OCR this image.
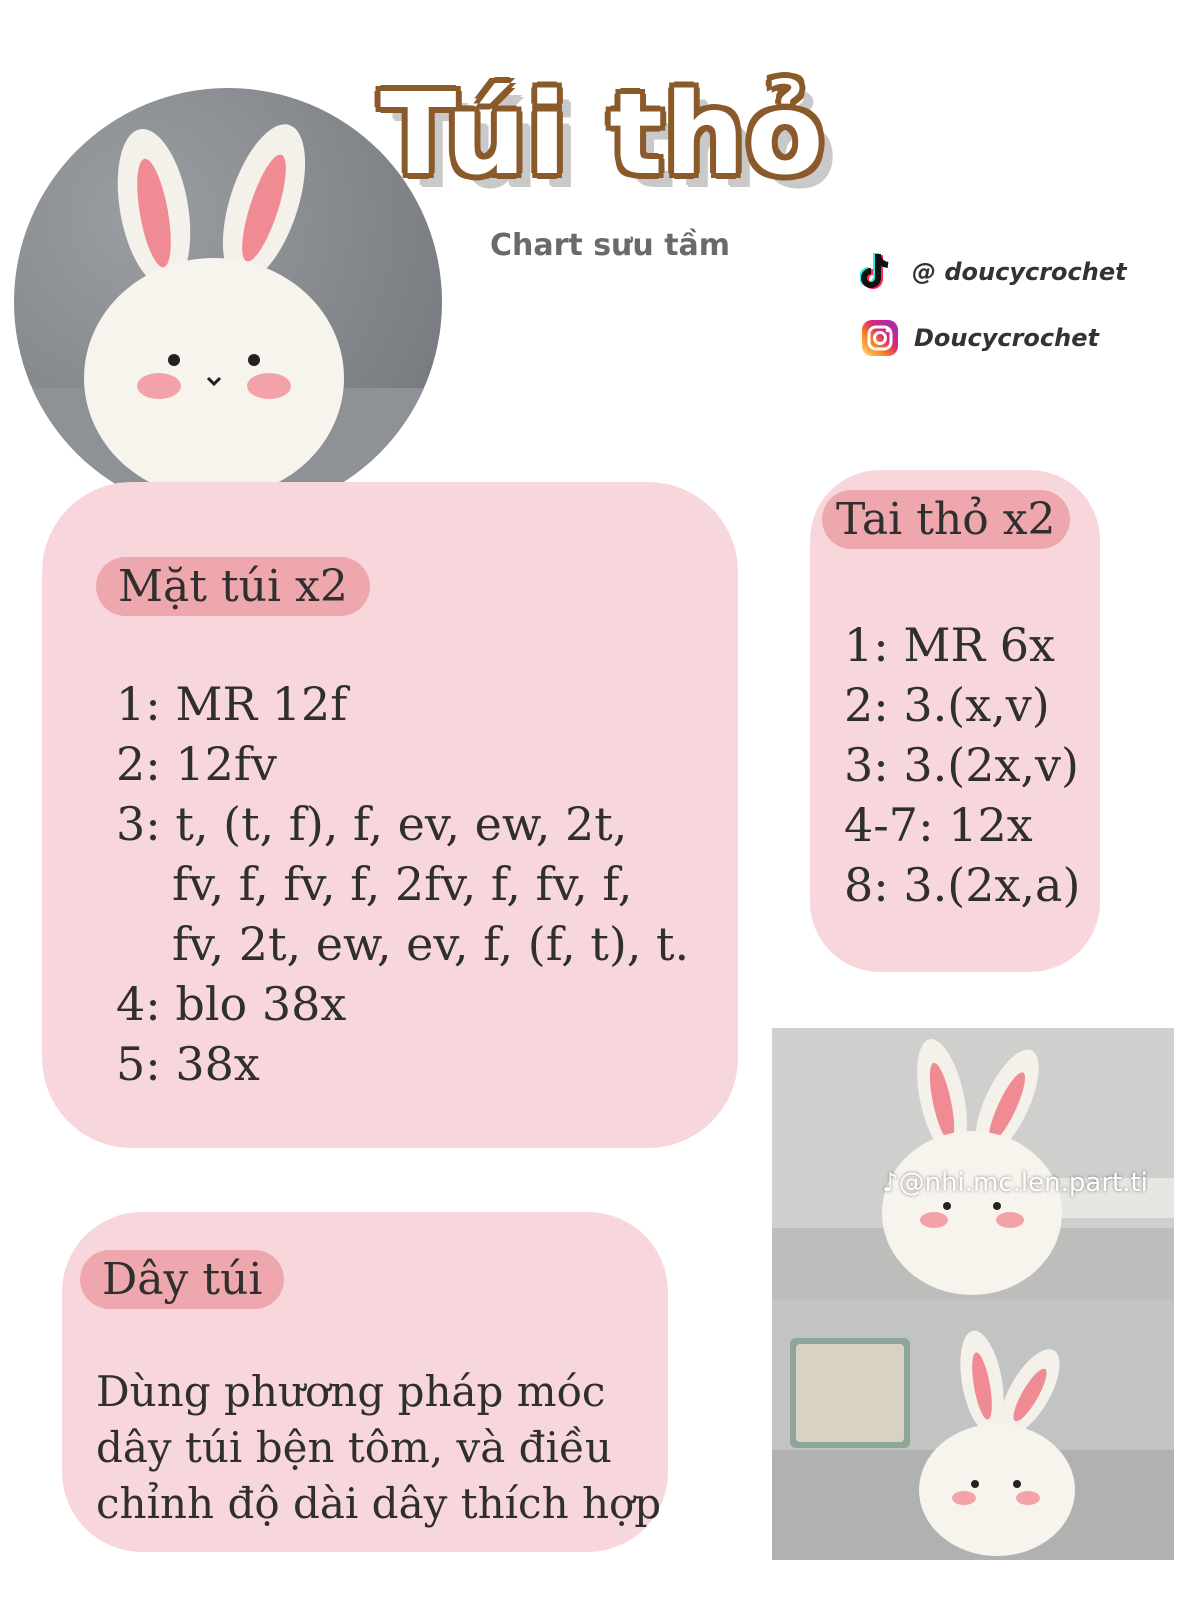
Túi thỏ
Chart sưu tầm
@ doucycrochet
Doucycrochet
Mặt túi x2
1: MR 12f
2: 12fv
3: t, (t, f), f, ev, ew, 2t,
fv, f, fv, f, 2fv, f, fv, f,
fv, 2t, ew, ev, f, (f, t), t.
4: blo 38x
5: 38x
Tai thỏ x2
1: MR 6x
2: 3.(x,v)
3: 3.(2x,v)
4-7: 12x
8: 3.(2x,a)
Dây túi
Dùng phương pháp móc
dây túi bện tôm, và điều
chỉnh độ dài dây thích hợp
♪@nhi.mc.len.part.ti
